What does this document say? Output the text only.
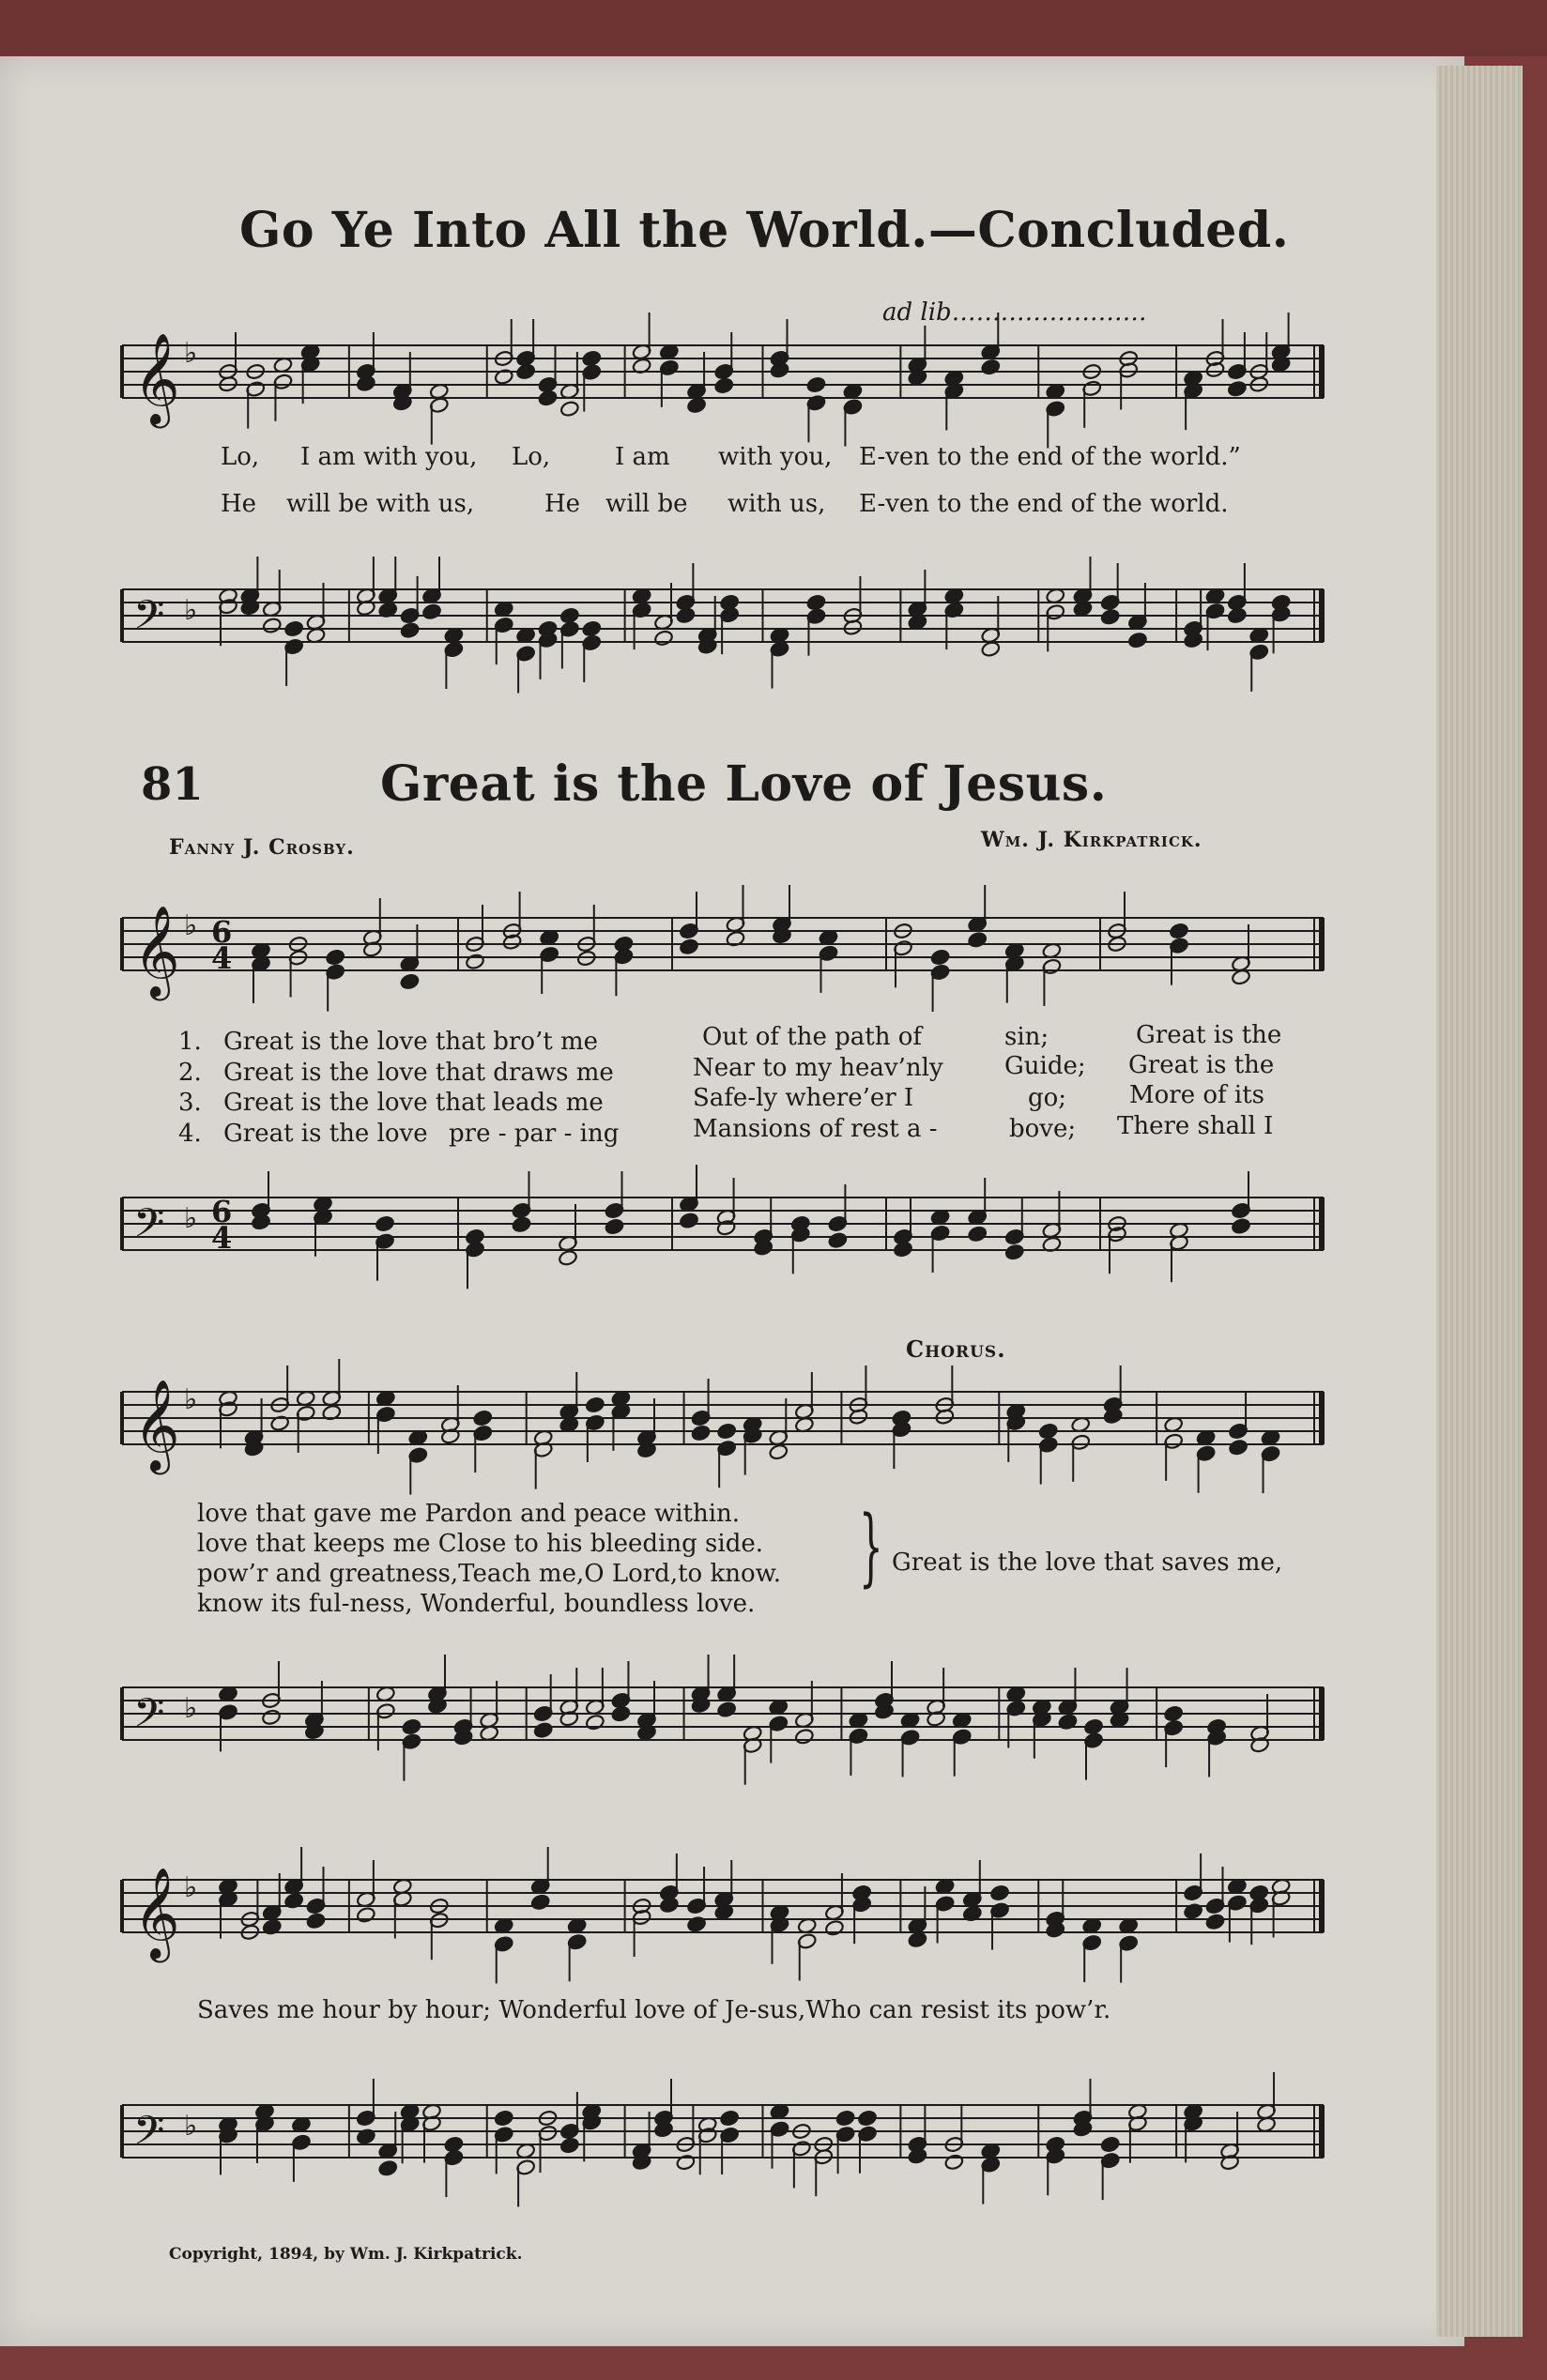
Go Ye Into All the World.—Concluded.
ad lib……………………
𝄞 ♭
Lo, I am with you, Lo,	I am with you, E-ven to the end of the world.”
He will be with us,	He will be with us, E-ven to the end of the world.
𝄢 ♭
81	Great is the Love of Jesus.
Fanny J. Crosby.	Wm. J. Kirkpatrick.
𝄞 ♭ 6
4
1. Great is the love that bro’t me	Out of the path of	sin;	Great is the
2. Great is the love that draws me	Near to my heav’nly	Guide; Great is the
3. Great is the love that leads me	Safe-ly where’er I	go;	More of its
4. Great is the love pre - par - ing	Mansions of rest a -	bove; There shall I
𝄢 ♭ 6
4
Chorus.
𝄞 ♭
love that gave me Pardon and peace within.
love that keeps me Close to his bleeding side.
pow’r and greatness,Teach me,O Lord,to know.
know its ful-ness, Wonderful, boundless love.
} Great is the love that saves me,
𝄢 ♭
𝄞 ♭
Saves me hour by hour; Wonderful love of Je-sus,Who can resist its pow’r.
𝄢 ♭
Copyright, 1894, by Wm. J. Kirkpatrick.
